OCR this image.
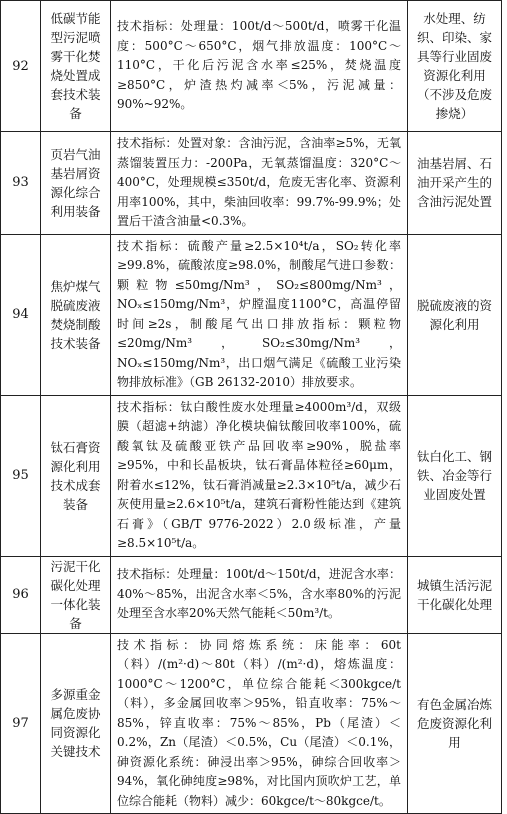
92	低碳节能型污泥喷雾干化焚烧处置成套技术装备	技术指标：处理量：100t/d～500t/d，喷雾干化温度：500°C～650°C，烟气排放温度：100°C～110°C，干化后污泥含水率≤25%，焚烧温度≥850°C，炉渣热灼减率＜5%，污泥减量：90%~92%。	水处理、纺织、印染、家具等行业固废资源化利用（不涉及危废掺烧）
93	页岩气油基岩屑资源化综合利用装备	技术指标：处置对象：含油污泥，含油率≥5%，无氧蒸馏装置压力：-200Pa，无氧蒸馏温度：320°C～400°C，处理规模≤350t/d，危废无害化率、资源利用率100%，其中，柴油回收率：99.7%-99.9%；处置后干渣含油量<0.3%。	油基岩屑、石油开采产生的含油污泥处置
94	焦炉煤气脱硫废液焚烧制酸技术装备	技术指标：硫酸产量≥2.5×10⁴t/a，SO₂转化率≥99.8%，硫酸浓度≥98.0%，制酸尾气进口参数：颗粒物≤50mg/Nm³，SO₂≤800mg/Nm³，NOₓ≤150mg/Nm³，炉膛温度1100°C，高温停留时间≥2s，制酸尾气出口排放指标：颗粒物≤20mg/Nm³，SO₂≤30mg/Nm³，NOₓ≤150mg/Nm³，出口烟气满足《硫酸工业污染物排放标准》（GB 26132-2010）排放要求。	脱硫废液的资源化利用
95	钛石膏资源化利用技术成套装备	技术指标：钛白酸性废水处理量≥4000m³/d，双级膜（超滤+纳滤）净化模块偏钛酸回收率100%，硫酸氧钛及硫酸亚铁产品回收率≥90%，脱盐率≥95%，中和长晶板块，钛石膏晶体粒径≥60μm，附着水≤12%，钛石膏消减量≥2.3×10⁵t/a，减少石灰使用量≥2.6×10⁵t/a，建筑石膏粉性能达到《建筑石膏》（GB/T 9776-2022）2.0级标准，产量≥8.5×10⁵t/a。	钛白化工、钢铁、冶金等行业固废处置
96	污泥干化碳化处理一体化装备	技术指标：处理量：100t/d～150t/d，进泥含水率：40%～85%，出泥含水率＜5%，含水率80%的污泥处理至含水率20%天然气能耗＜50m³/t。	城镇生活污泥干化碳化处理
97	多源重金属危废协同资源化关键技术	技术指标：协同熔炼系统：床能率：60t（料）/(m²·d)～80t（料）/(m²·d)，熔炼温度：1000°C～1200°C，单位综合能耗＜300kgce/t（料），多金属回收率＞95%，铅直收率：75%～85%，锌直收率：75%～85%，Pb（尾渣）＜0.2%，Zn（尾渣）＜0.5%，Cu（尾渣）＜0.1%，砷资源化系统：砷浸出率＞95%，砷综合回收率＞94%，氧化砷纯度≥98%，对比国内顶吹炉工艺，单位综合能耗（物料）减少：60kgce/t～80kgce/t。	有色金属冶炼危废资源化利用
